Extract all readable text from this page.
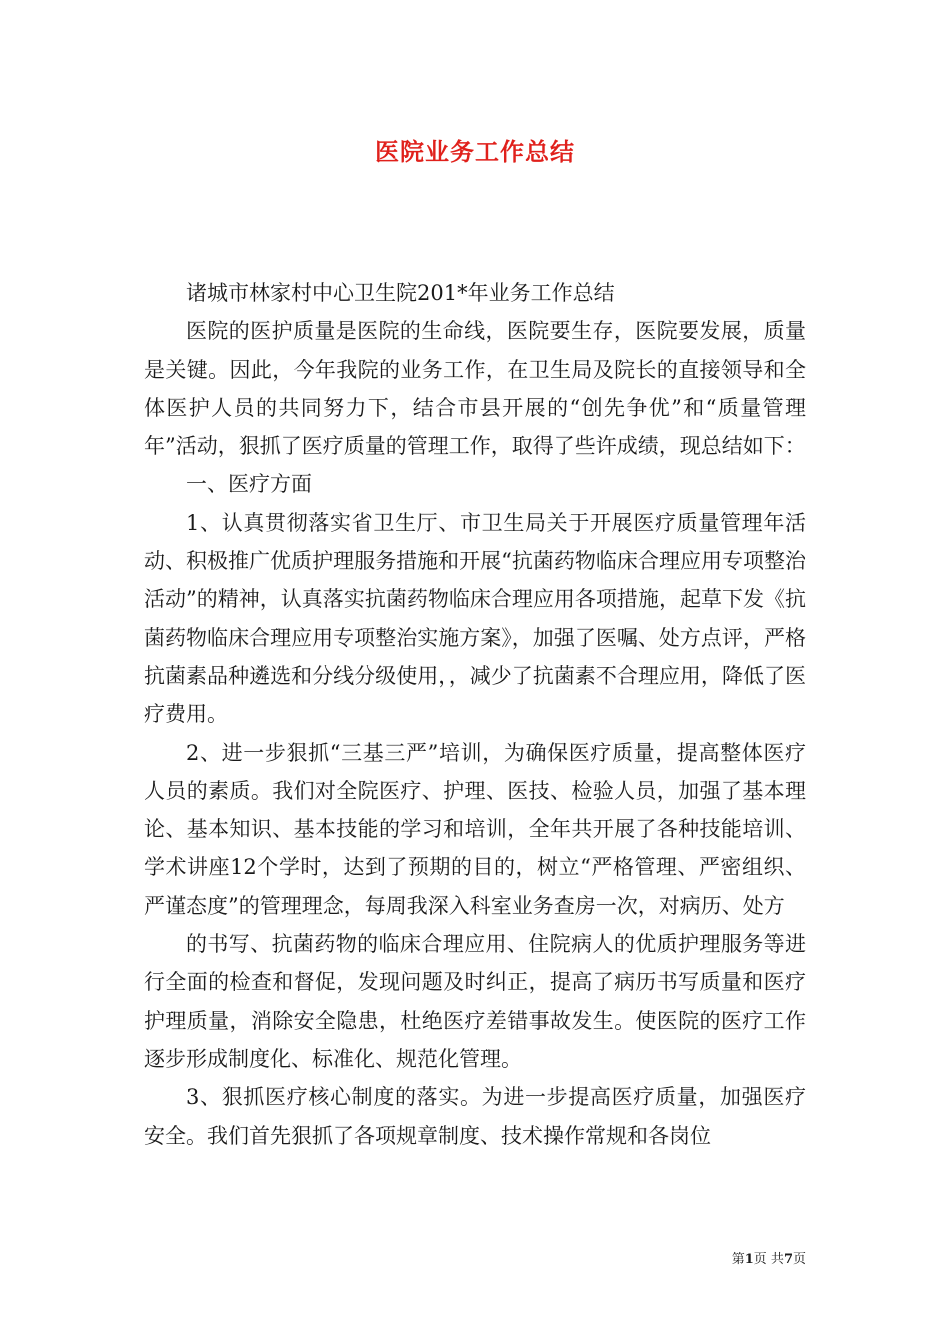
医院业务工作总结

诸城市林家村中心卫生院201*年业务工作总结

医院的医护质量是医院的生命线，医院要生存，医院要发展，质量是关键。因此，今年我院的业务工作，在卫生局及院长的直接领导和全体医护人员的共同努力下，结合市县开展的“创先争优”和“质量管理年”活动，狠抓了医疗质量的管理工作，取得了些许成绩，现总结如下：

一、医疗方面

1、认真贯彻落实省卫生厅、市卫生局关于开展医疗质量管理年活动、积极推广优质护理服务措施和开展“抗菌药物临床合理应用专项整治活动”的精神，认真落实抗菌药物临床合理应用各项措施，起草下发《抗菌药物临床合理应用专项整治实施方案》，加强了医嘱、处方点评，严格抗菌素品种遴选和分线分级使用，，减少了抗菌素不合理应用，降低了医疗费用。

2、进一步狠抓“三基三严”培训，为确保医疗质量，提高整体医疗人员的素质。我们对全院医疗、护理、医技、检验人员，加强了基本理论、基本知识、基本技能的学习和培训，全年共开展了各种技能培训、学术讲座12个学时，达到了预期的目的，树立“严格管理、严密组织、严谨态度”的管理理念，每周我深入科室业务查房一次，对病历、处方

的书写、抗菌药物的临床合理应用、住院病人的优质护理服务等进行全面的检查和督促，发现问题及时纠正，提高了病历书写质量和医疗护理质量，消除安全隐患，杜绝医疗差错事故发生。使医院的医疗工作逐步形成制度化、标准化、规范化管理。

3、狠抓医疗核心制度的落实。为进一步提高医疗质量，加强医疗安全。我们首先狠抓了各项规章制度、技术操作常规和各岗位

第1页 共7页
